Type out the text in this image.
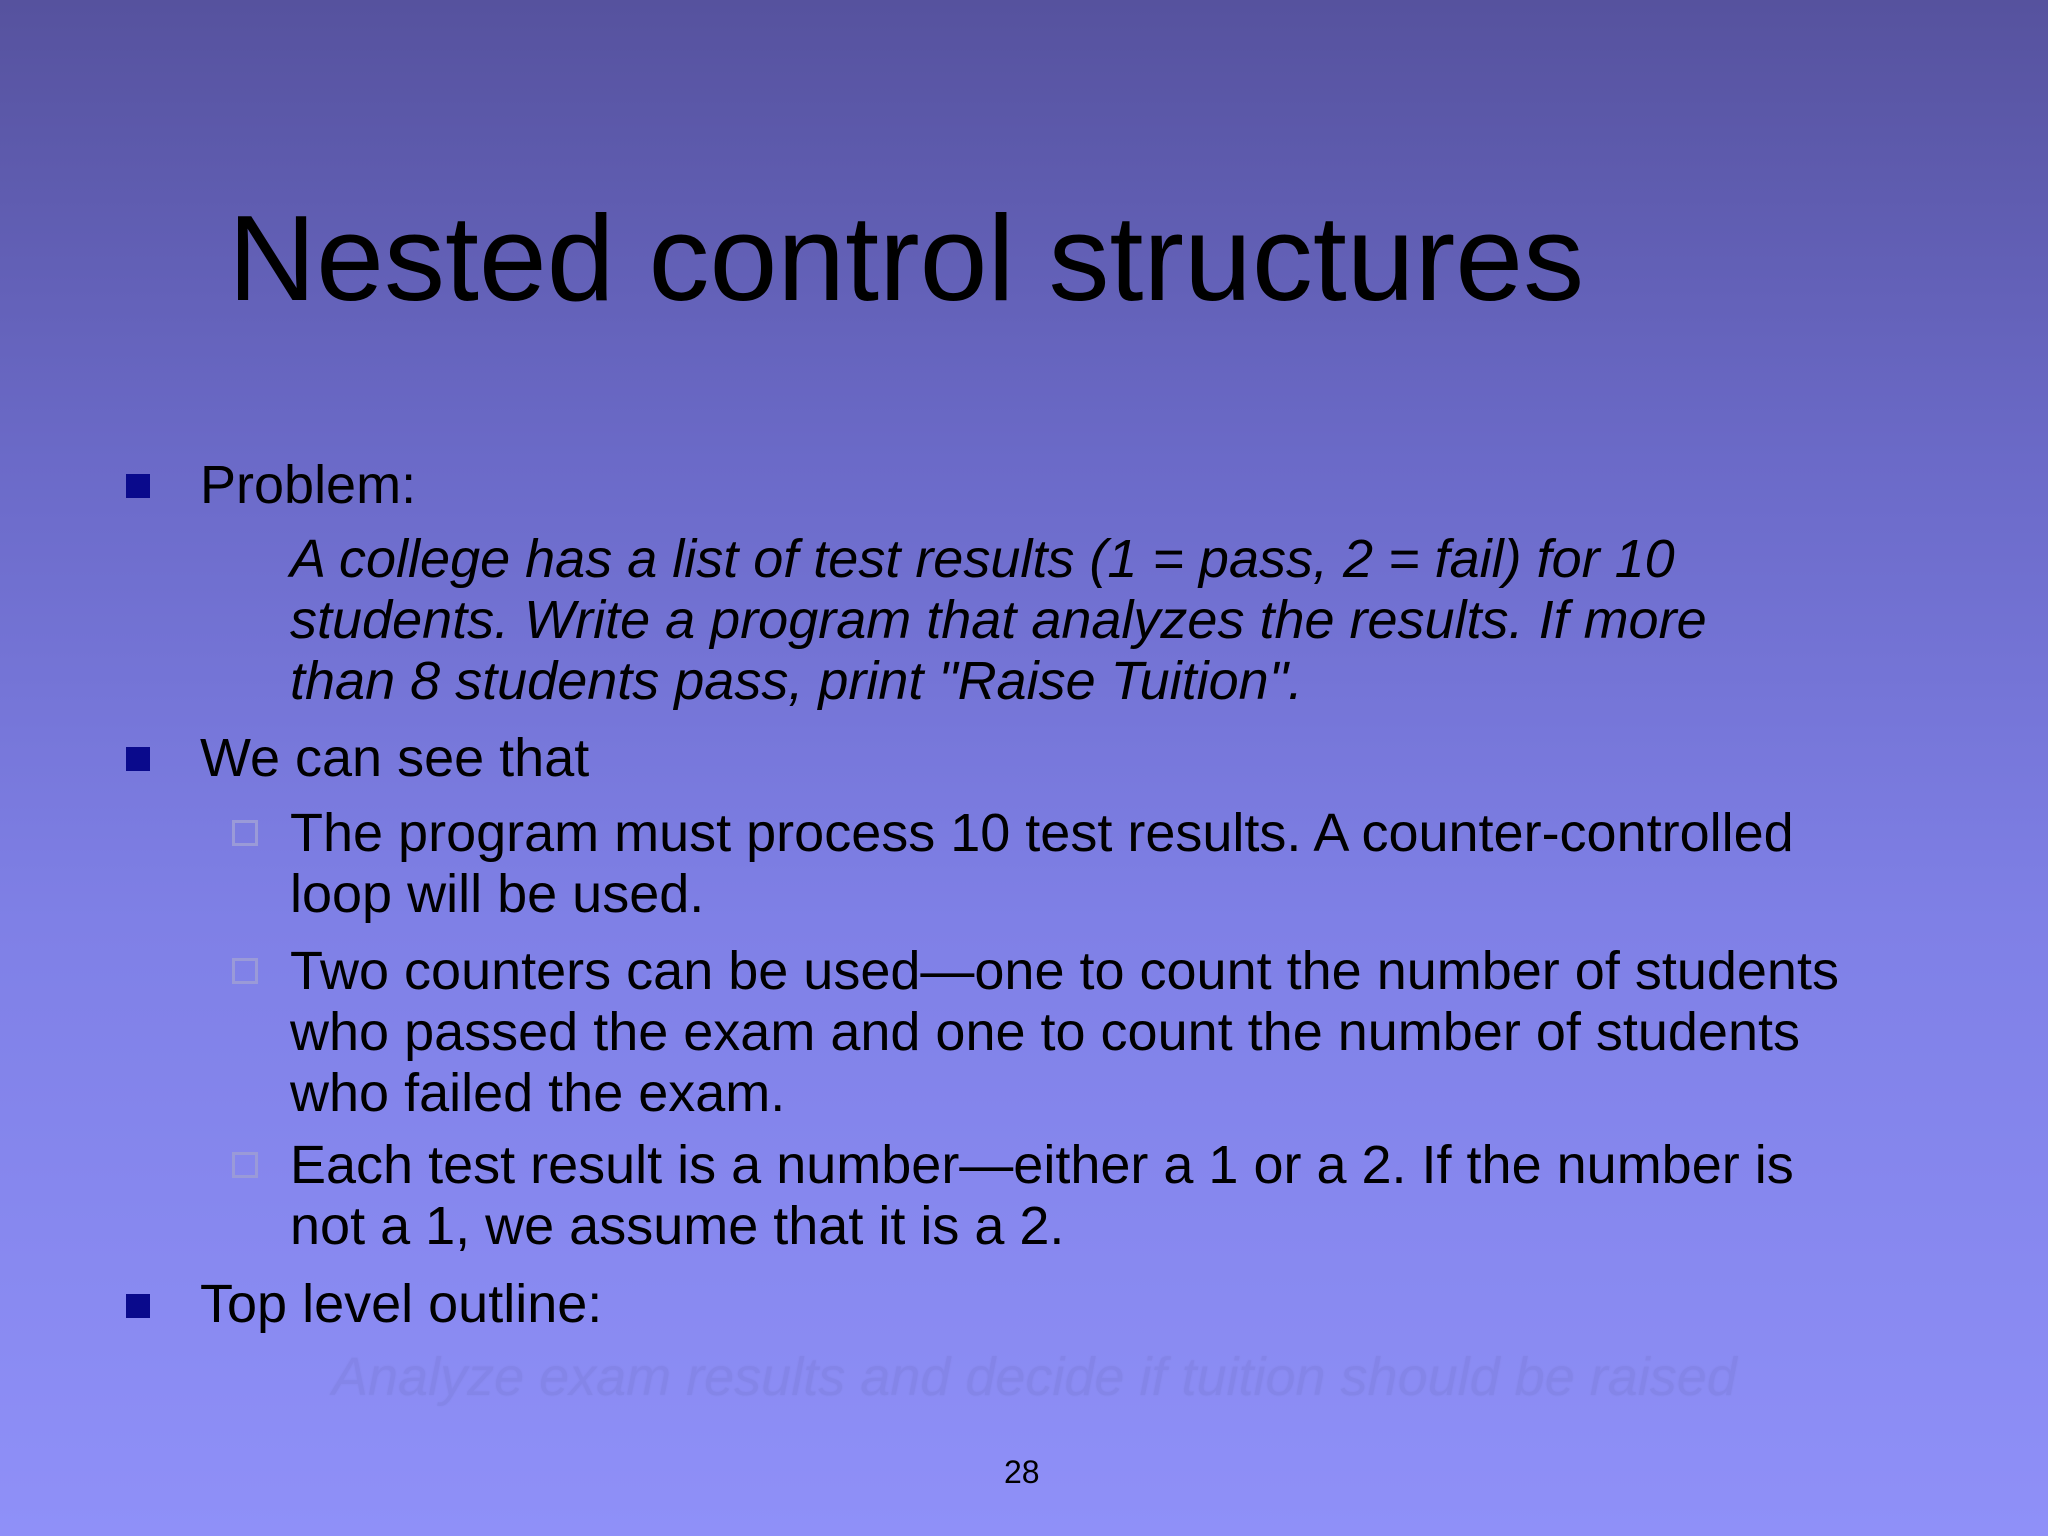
Nested control structures
Problem:
A college has a list of test results (1 = pass, 2 = fail) for 10
students. Write a program that analyzes the results. If more
than 8 students pass, print "Raise Tuition".
We can see that
The program must process 10 test results. A counter-controlled
loop will be used.
Two counters can be used—one to count the number of students
who passed the exam and one to count the number of students
who failed the exam.
Each test result is a number—either a 1 or a 2. If the number is
not a 1, we assume that it is a 2.
Top level outline:
Analyze exam results and decide if tuition should be raised
28
